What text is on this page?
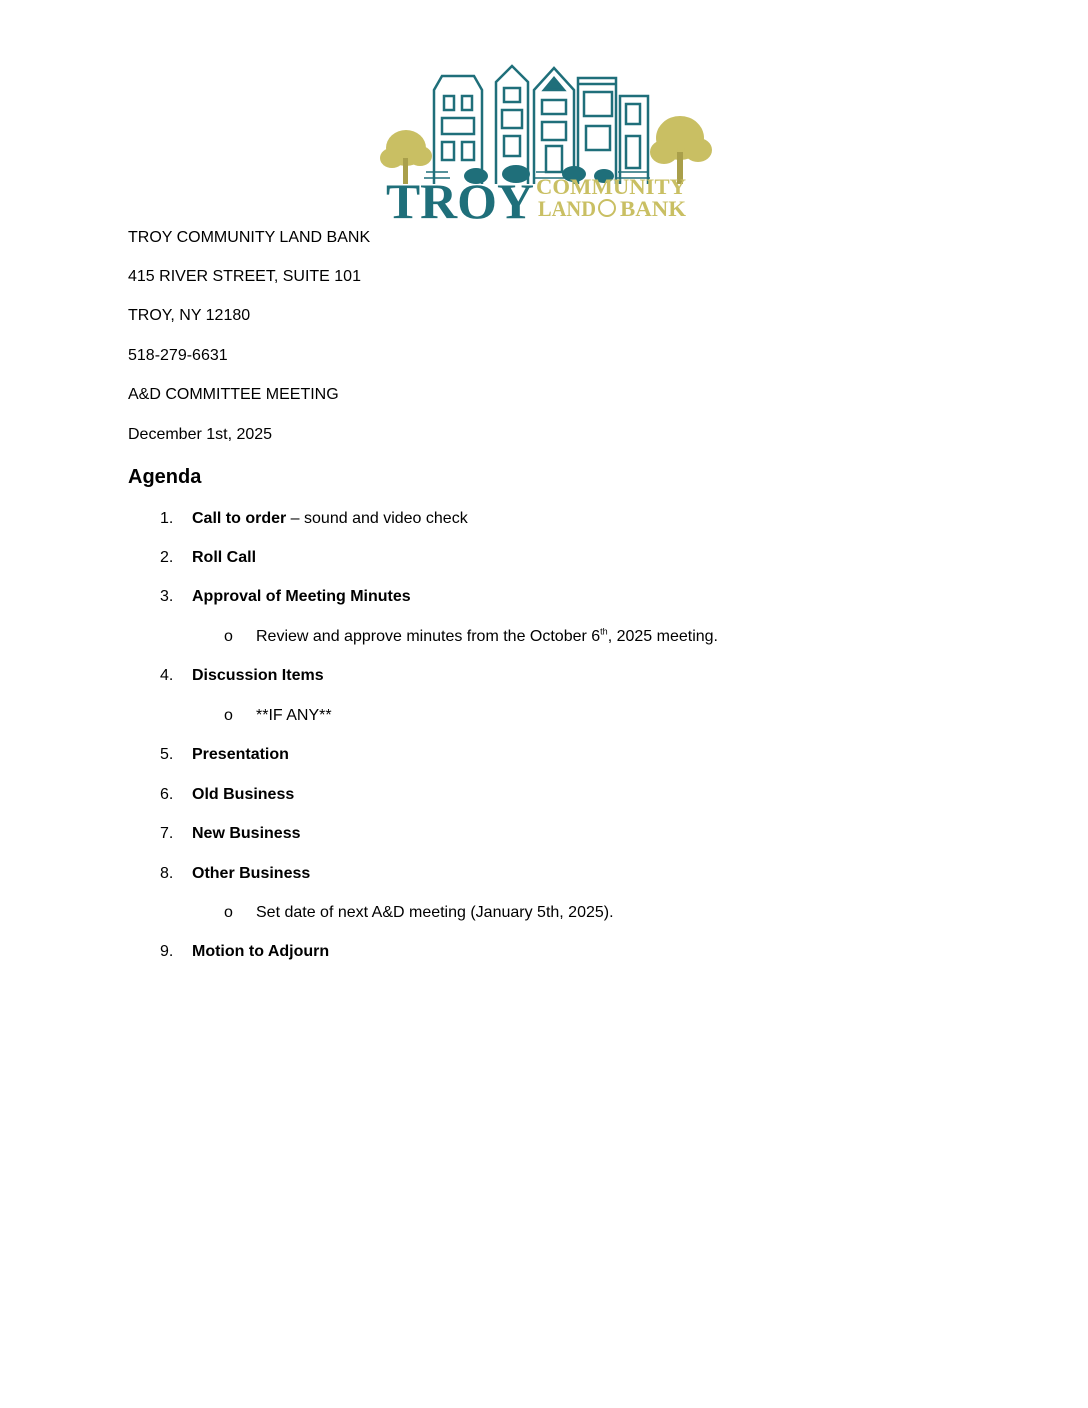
TROY COMMUNITY
LAND BANK
TROY COMMUNITY LAND BANK
415 RIVER STREET, SUITE 101
TROY, NY 12180
518-279-6631
A&D COMMITTEE MEETING
December 1st, 2025
Agenda
1. Call to order – sound and video check
2. Roll Call
3. Approval of Meeting Minutes
o Review and approve minutes from the October 6th, 2025 meeting.
4. Discussion Items
o **IF ANY**
5. Presentation
6. Old Business
7. New Business
8. Other Business
o Set date of next A&D meeting (January 5th, 2025).
9. Motion to Adjourn
